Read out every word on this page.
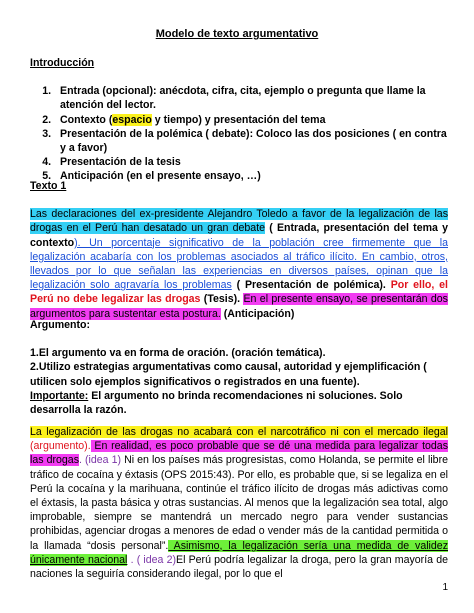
Modelo de texto argumentativo
Introducción
1. Entrada (opcional): anécdota, cifra, cita, ejemplo o pregunta que llame la atención del lector.
2. Contexto (espacio y tiempo) y presentación del tema
3. Presentación de la polémica ( debate): Coloco las dos posiciones ( en contra y a favor)
4. Presentación de la tesis
5. Anticipación (en el presente ensayo, …)
Texto 1

Las declaraciones del ex-presidente Alejandro Toledo a favor de la legalización de las drogas en el Perú han desatado un gran debate ( Entrada, presentación del tema y contexto). Un porcentaje significativo de la población cree firmemente que la legalización acabaría con los problemas asociados al tráfico ilícito. En cambio, otros, llevados por lo que señalan las experiencias en diversos países, opinan que la legalización solo agravaría los problemas ( Presentación de polémica). Por ello, el Perú no debe legalizar las drogas (Tesis). En el presente ensayo, se presentarán dos argumentos para sustentar esta postura. (Anticipación)

Argumento:
1.El argumento va en forma de oración. (oración temática).
2.Utilizo estrategias argumentativas como causal, autoridad y ejemplificación ( utilicen solo ejemplos significativos o registrados en una fuente).
Importante: El argumento no brinda recomendaciones ni soluciones. Solo desarrolla la razón.

La legalización de las drogas no acabará con el narcotráfico ni con el mercado ilegal (argumento). En realidad, es poco probable que se dé una medida para legalizar todas las drogas. (idea 1) Ni en los países más progresistas, como Holanda, se permite el libre tráfico de cocaína y éxtasis (OPS 2015:43). Por ello, es probable que, si se legaliza en el Perú la cocaína y la marihuana, continúe el tráfico ilícito de drogas más adictivas como el éxtasis, la pasta básica y otras sustancias. Al menos que la legalización sea total, algo improbable, siempre se mantendrá un mercado negro para vender sustancias prohibidas, agenciar drogas a menores de edad o vender más de la cantidad permitida o la llamada “dosis personal”. Asimismo, la legalización sería una medida de validez únicamente nacional . ( idea 2)El Perú podría legalizar la droga, pero la gran mayoría de naciones la seguiría considerando ilegal, por lo que el

1
